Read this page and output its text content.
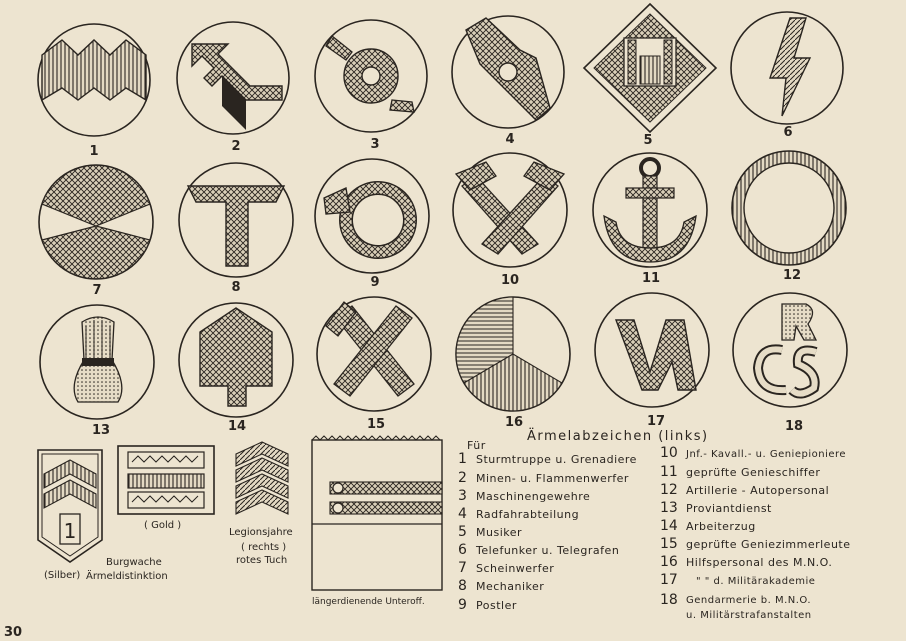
1	2	3	4	5
6
7	8	9	10	11	12
13	14	15	16	17	18
1
(Silber)
Burgwache
Ärmeldistinktion
( Gold )
Legionsjahre
( rechts )
rotes Tuch
längerdienende Unteroff.
Für
Ärmelabzeichen (links)
1 Sturmtruppe u. Grenadiere
2 Minen- u. Flammenwerfer
3 Maschinengewehre
4 Radfahrabteilung
5 Musiker
6 Telefunker u. Telegrafen
7 Scheinwerfer
8 Mechaniker
9 Postler
10 Jnf.- Kavall.- u. Geniepioniere
11 geprüfte Genieschiffer
12 Artillerie - Autopersonal
13 Proviantdienst
14 Arbeiterzug
15 geprüfte Geniezimmerleute
16 Hilfspersonal des M.N.O.
17 " " d. Militärakademie
18 Gendarmerie b. M.N.O.
u. Militärstrafanstalten
30
